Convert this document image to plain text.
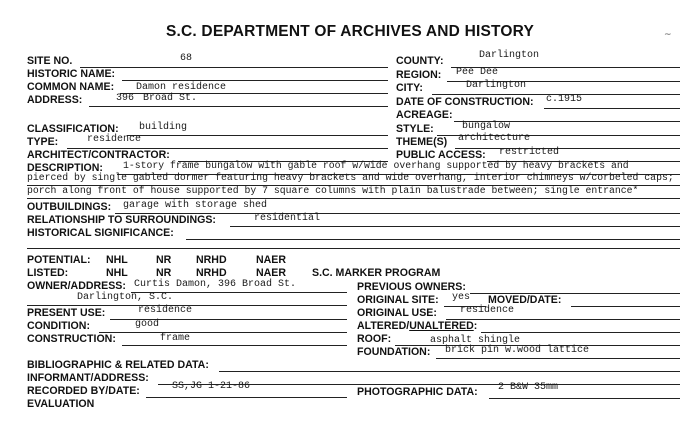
S.C. DEPARTMENT OF ARCHIVES AND HISTORY	~
SITE NO.	68
HISTORIC NAME:
COMMON NAME: Damon residence
ADDRESS:	396 Broad St.
COUNTY:	Darlington
REGION: Pee Dee
CITY:	Darlington
DATE OF CONSTRUCTION: c.1915
ACREAGE:
CLASSIFICATION: building
TYPE:	residence
STYLE:	bungalow
THEME(S) architecture
ARCHITECT/CONTRACTOR:	PUBLIC ACCESS: restricted
DESCRIPTION: 1-story frame bungalow with gable roof w/wide overhang supported by heavy brackets and
pierced by single gabled dormer featuring heavy brackets and wide overhang, interior chimneys w/corbeled caps;
porch along front of house supported by 7 square columns with plain balustrade between; single entrance*
OUTBUILDINGS: garage with storage shed
RELATIONSHIP TO SURROUNDINGS:	residential
HISTORICAL SIGNIFICANCE:
POTENTIAL: NHL	NR NRHD	NAER
LISTED:	NHL	NR NRHD	NAER S.C. MARKER PROGRAM
OWNER/ADDRESS: Curtis Damon, 396 Broad St.
Darlington, S.C.
PREVIOUS OWNERS:
ORIGINAL SITE: yes MOVED/DATE:
PRESENT USE:	residence	ORIGINAL USE: residence
CONDITION:	good	ALTERED/UNALTERED:
CONSTRUCTION:	frame	ROOF:	asphalt shingle
FOUNDATION: brick pin w.wood lattice
BIBLIOGRAPHIC & RELATED DATA:
INFORMANT/ADDRESS:
RECORDED BY/DATE:	SS,JG 1-21-86	PHOTOGRAPHIC DATA: 2 B&W 35mm
EVALUATION
